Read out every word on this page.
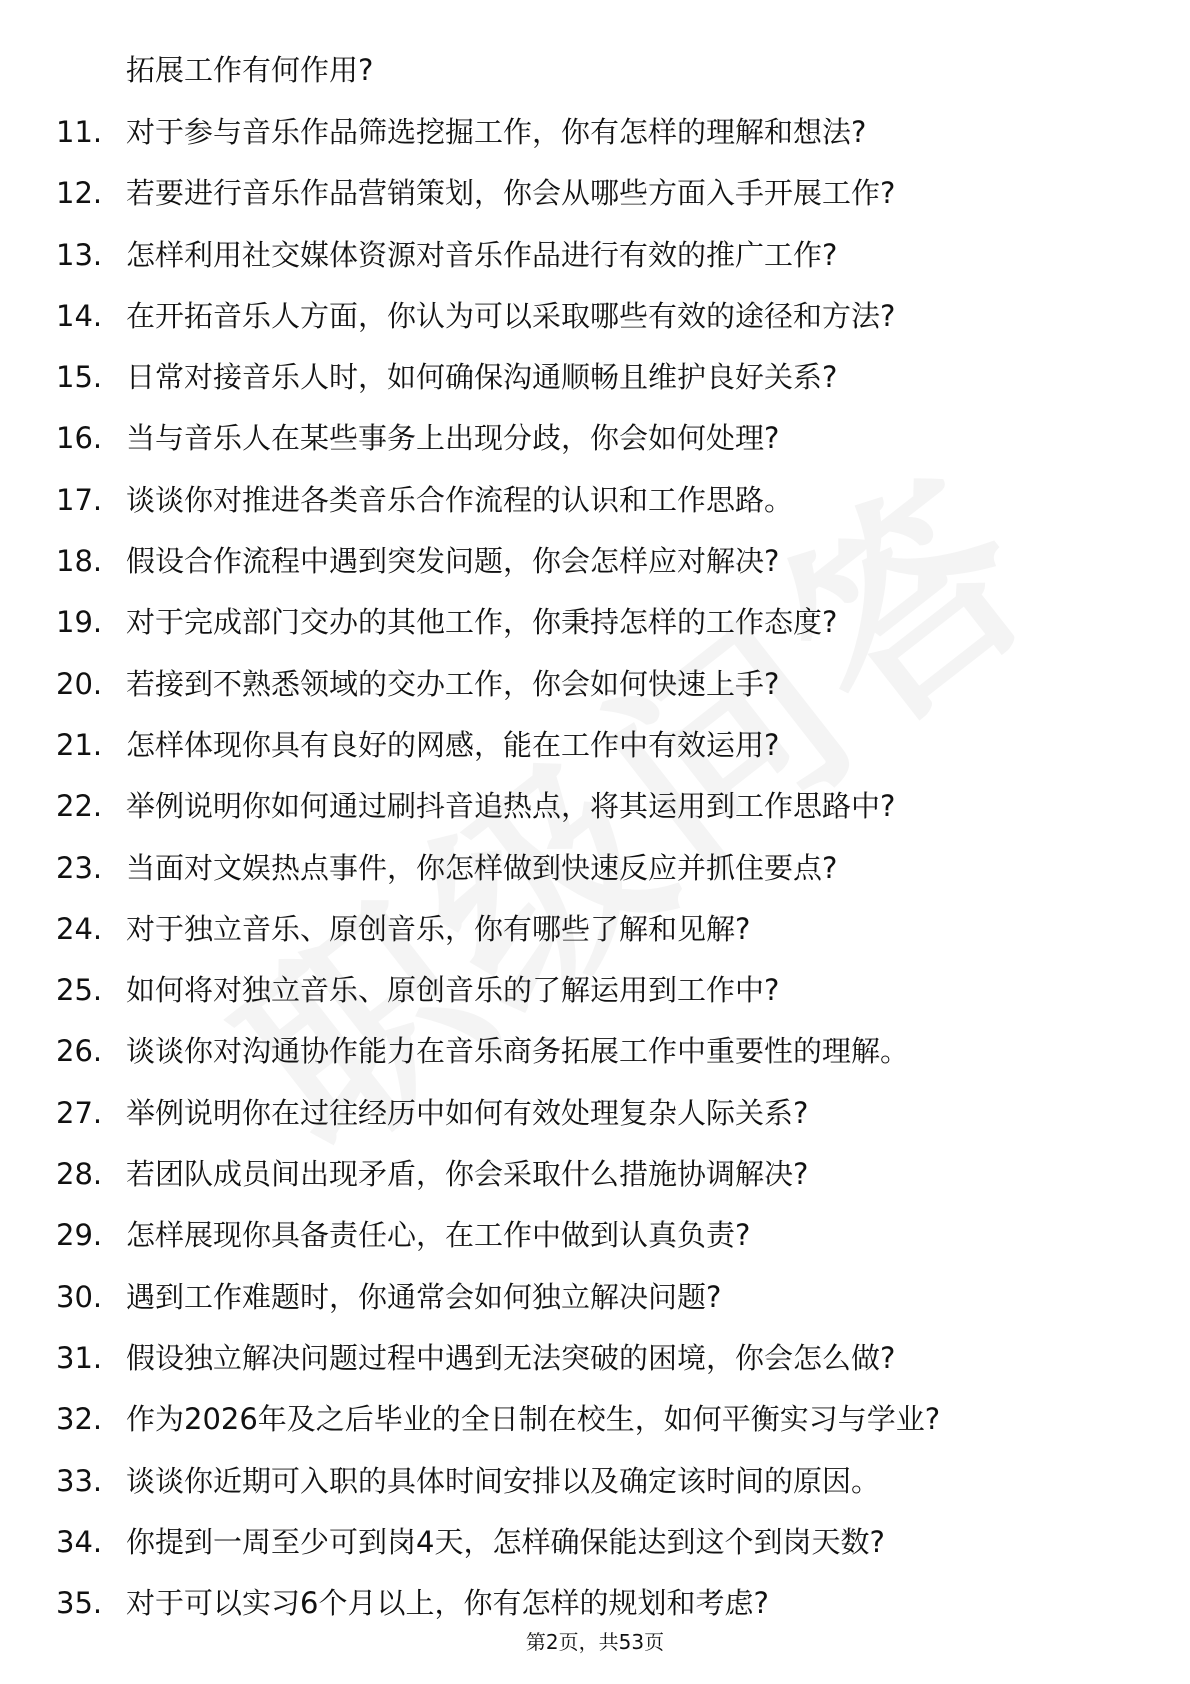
拓展工作有何作用?
11. 对于参与音乐作品筛选挖掘工作，你有怎样的理解和想法?
12. 若要进行音乐作品营销策划，你会从哪些方面入手开展工作?
13. 怎样利用社交媒体资源对音乐作品进行有效的推广工作?
14. 在开拓音乐人方面，你认为可以采取哪些有效的途径和方法?
15. 日常对接音乐人时，如何确保沟通顺畅且维护良好关系?
16. 当与音乐人在某些事务上出现分歧，你会如何处理?
17. 谈谈你对推进各类音乐合作流程的认识和工作思路。
18. 假设合作流程中遇到突发问题，你会怎样应对解决?
19. 对于完成部门交办的其他工作，你秉持怎样的工作态度?
20. 若接到不熟悉领域的交办工作，你会如何快速上手?
21. 怎样体现你具有良好的网感，能在工作中有效运用?
22. 举例说明你如何通过刷抖音追热点，将其运用到工作思路中?
23. 当面对文娱热点事件，你怎样做到快速反应并抓住要点?
24. 对于独立音乐、原创音乐，你有哪些了解和见解?
25. 如何将对独立音乐、原创音乐的了解运用到工作中?
26. 谈谈你对沟通协作能力在音乐商务拓展工作中重要性的理解。
27. 举例说明你在过往经历中如何有效处理复杂人际关系?
28. 若团队成员间出现矛盾，你会采取什么措施协调解决?
29. 怎样展现你具备责任心，在工作中做到认真负责?
30. 遇到工作难题时，你通常会如何独立解决问题?
31. 假设独立解决问题过程中遇到无法突破的困境，你会怎么做?
32. 作为2026年及之后毕业的全日制在校生，如何平衡实习与学业?
33. 谈谈你近期可入职的具体时间安排以及确定该时间的原因。
34. 你提到一周至少可到岗4天，怎样确保能达到这个到岗天数?
35. 对于可以实习6个月以上，你有怎样的规划和考虑?
第2页，共53页
